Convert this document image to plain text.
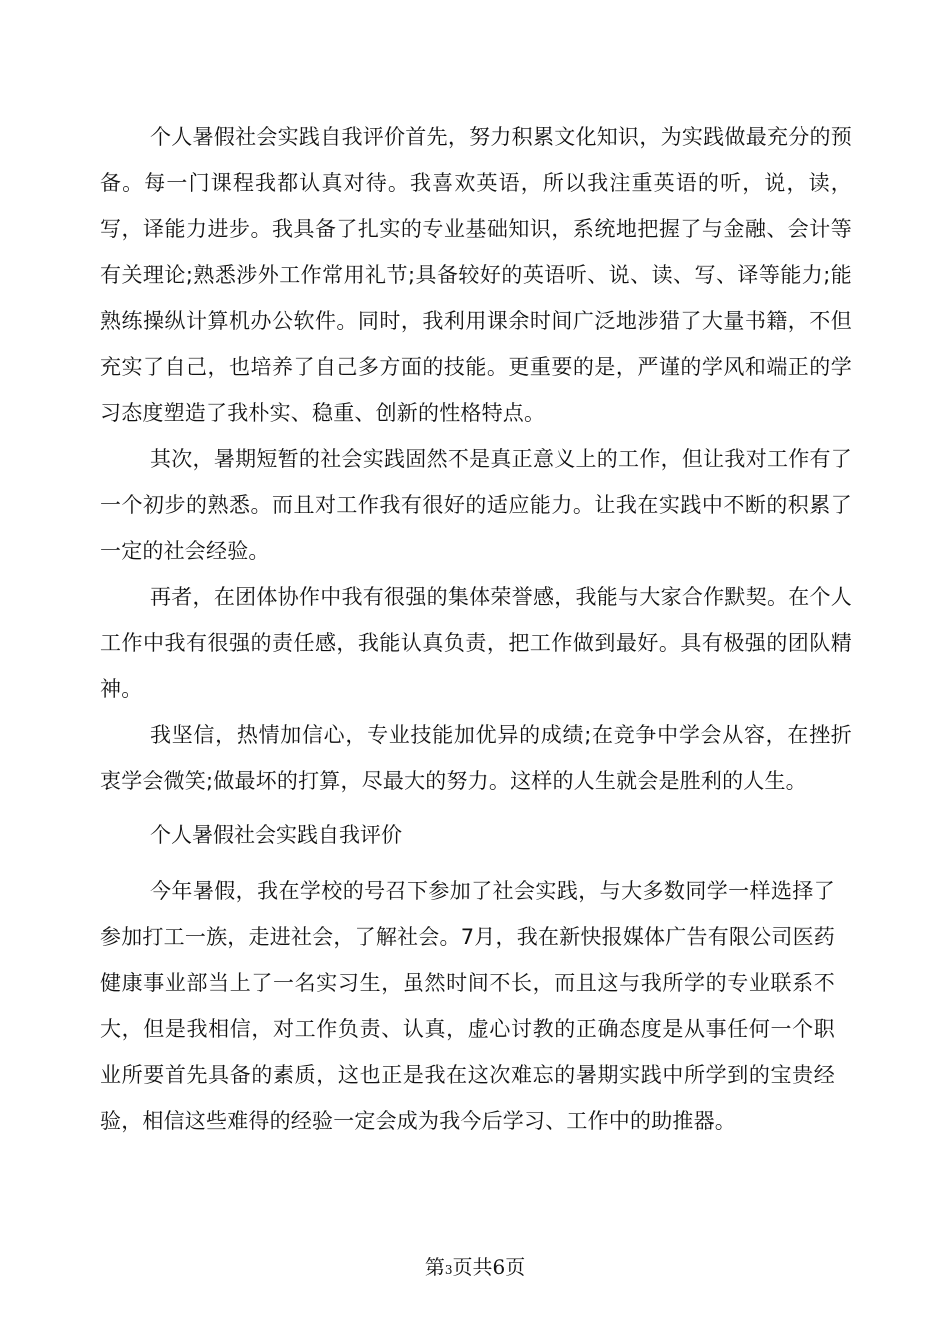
个人暑假社会实践自我评价首先，努力积累文化知识，为实践做最充分的预备。每一门课程我都认真对待。我喜欢英语，所以我注重英语的听，说，读，写，译能力进步。我具备了扎实的专业基础知识，系统地把握了与金融、会计等有关理论;熟悉涉外工作常用礼节;具备较好的英语听、说、读、写、译等能力;能熟练操纵计算机办公软件。同时，我利用课余时间广泛地涉猎了大量书籍，不但充实了自己，也培养了自己多方面的技能。更重要的是，严谨的学风和端正的学习态度塑造了我朴实、稳重、创新的性格特点。

其次，暑期短暂的社会实践固然不是真正意义上的工作，但让我对工作有了一个初步的熟悉。而且对工作我有很好的适应能力。让我在实践中不断的积累了一定的社会经验。

再者，在团体协作中我有很强的集体荣誉感，我能与大家合作默契。在个人工作中我有很强的责任感，我能认真负责，把工作做到最好。具有极强的团队精神。

我坚信，热情加信心，专业技能加优异的成绩;在竞争中学会从容，在挫折衷学会微笑;做最坏的打算，尽最大的努力。这样的人生就会是胜利的人生。

个人暑假社会实践自我评价

今年暑假，我在学校的号召下参加了社会实践，与大多数同学一样选择了参加打工一族，走进社会，了解社会。7月，我在新快报媒体广告有限公司医药健康事业部当上了一名实习生，虽然时间不长，而且这与我所学的专业联系不大，但是我相信，对工作负责、认真，虚心讨教的正确态度是从事任何一个职业所要首先具备的素质，这也正是我在这次难忘的暑期实践中所学到的宝贵经验，相信这些难得的经验一定会成为我今后学习、工作中的助推器。

第3页共6页
